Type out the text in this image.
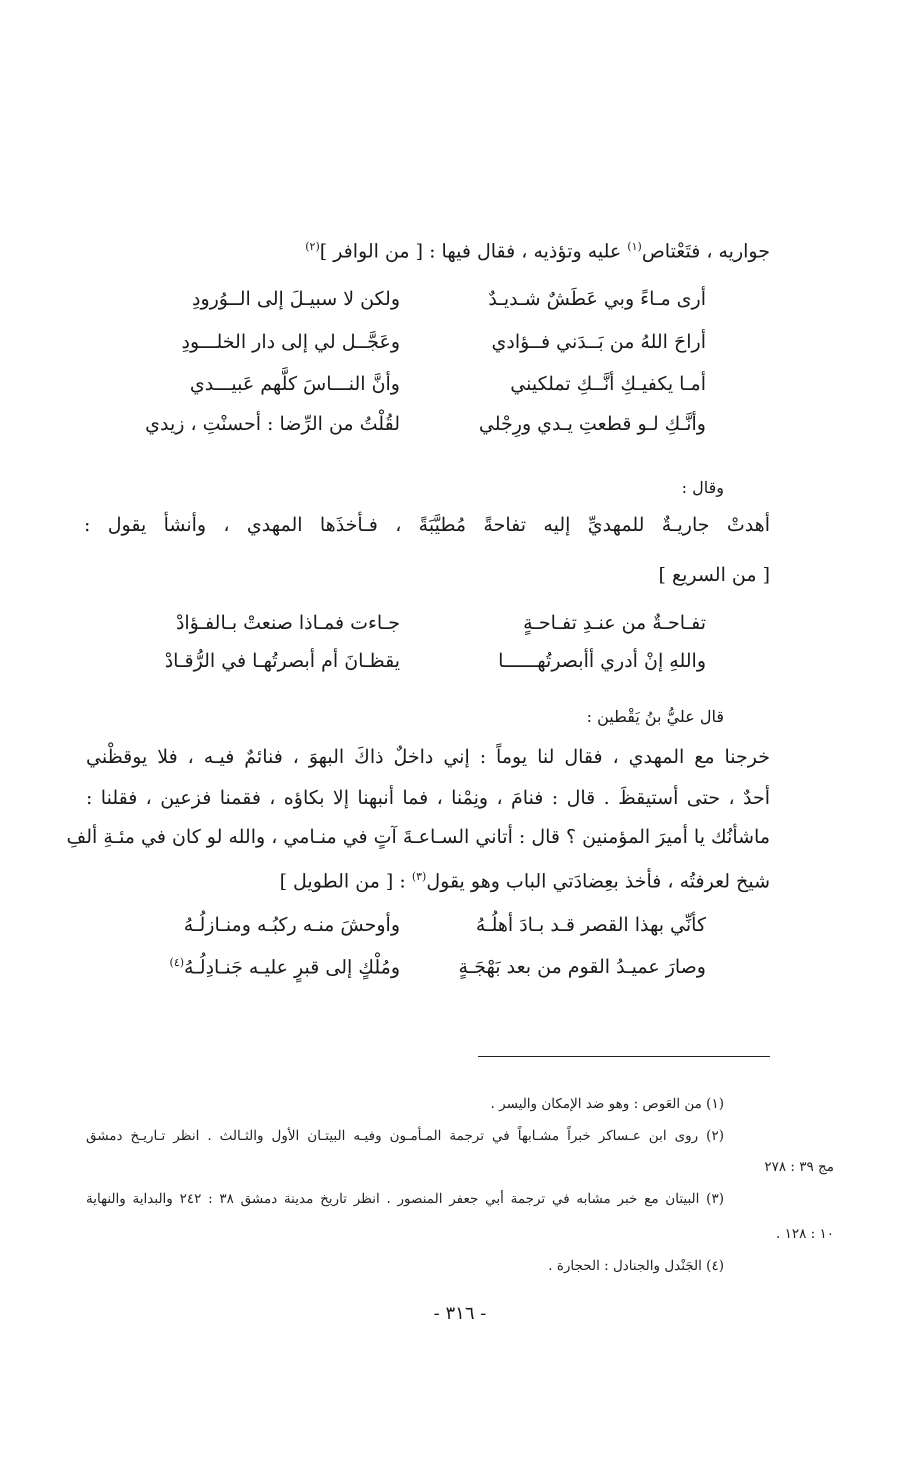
جواريه ، فتَعْتاص$^{(١)}$ عليه وتؤذيه ، فقال فيها : [ من الوافر ]$^{(٢)}$
أرى مـاءً وبي عَطَشٌ شـديـدٌ
ولكن لا سبيـلَ إلى الــوُرودِ
أراحَ اللهُ من بَــدَني فــؤادي
وعَجَّــل لي إلى دار الخلـــودِ
أمـا يكفيـكِ أنَّــكِ تملكيني
وأنَّ النـــاسَ كلَّهم عَبيـــدي
وأنَّـكِ لـو قطعتِ يـدي ورِجْلي
لقُلْتُ من الرِّضا : أحسنْتِ ، زيدي
وقال :
أهدتْ جاريـةٌ للمهديِّ إليه تفاحةً مُطيَّبَةً ، فـأخذَها المهدي ، وأنشأ يقول :
[ من السريع ]
تفـاحـةٌ من عنـدِ تفـاحـةٍ
جـاءت فمـاذا صنعتْ بـالفـؤادْ
واللهِ إنْ أدري أأبصرتُهــــــا
يقظـانَ أم أبصرتُهـا في الرُّقـادْ
قال عليُّ بنُ يَقْطين :
خرجنا مع المهدي ، فقال لنا يوماً : إني داخلٌ ذاكَ البهوَ ، فنائمٌ فيـه ، فلا يوقظْني
أحدٌ ، حتى أستيقظَ . قال : فنامَ ، ونِمْنا ، فما أنبهنا إلا بكاؤه ، فقمنا فزعين ، فقلنا :
ماشأنُك يا أميرَ المؤمنين ؟ قال : أتاني السـاعـةَ آتٍ في منـامي ، والله لو كان في مئـةِ ألفِ
شيخ لعرفتُه ، فأخذ بعِضادَتي الباب وهو يقول$^{(٣)}$ : [ من الطويل ]
كأنِّي بهذا القصر قـد بـادَ أهلُـهُ
وأوحشَ منـه ركبُـه ومنـازلُـهُ
وصارَ عميـدُ القوم من بعد بَهْجَـةٍ
ومُلْكٍ إلى قبرٍ عليـه جَنـادِلُـهُ$^{(٤)}$
(١) من العَوص : وهو ضد الإمكان واليسر .
(٢) روى ابن عـساكر خبراً مشـابهاً في ترجمة المـأمـون وفيـه البيتـان الأول والثـالث . انظر تـاريـخ دمشق
مج ٣٩ : ٢٧٨
(٣) البيتان مع خبر مشابه في ترجمة أبي جعفر المنصور . انظر تاريخ مدينة دمشق ٣٨ : ٢٤٢ والبداية والنهاية
١٠ : ١٢٨ .
(٤) الجَنْدل والجنادل : الحجارة .
- ٣١٦ -
